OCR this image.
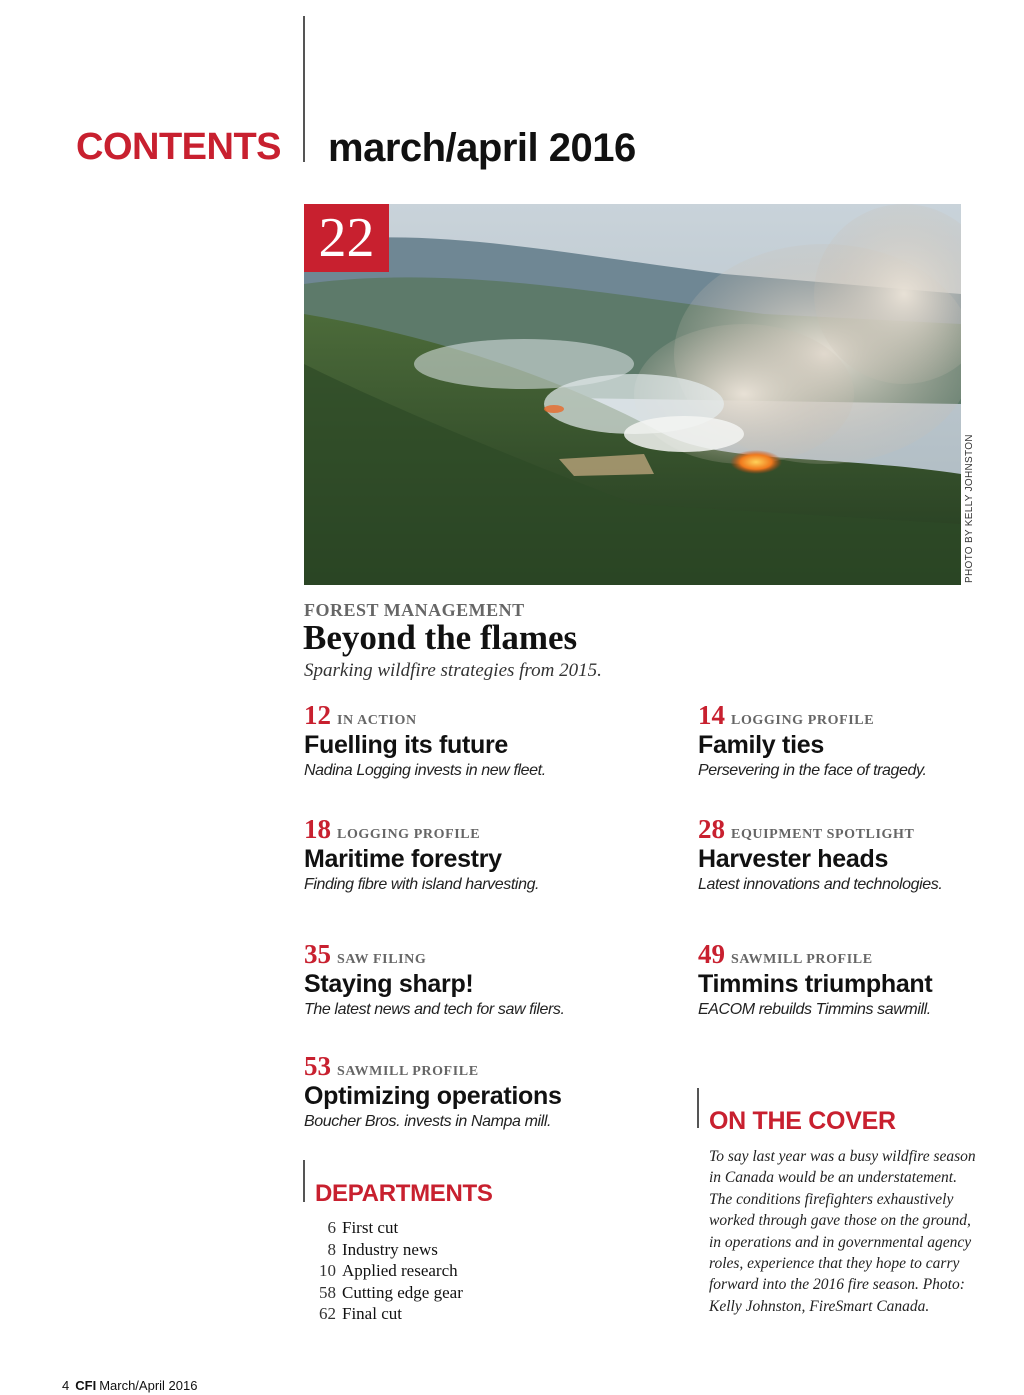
CONTENTS march/april 2016
22
PHOTO BY KELLY JOHNSTON
FOREST MANAGEMENT
Beyond the flames
Sparking wildfire strategies from 2015.
12 IN ACTION
Fuelling its future
Nadina Logging invests in new fleet.
14 LOGGING PROFILE
Family ties
Persevering in the face of tragedy.
18 LOGGING PROFILE
Maritime forestry
Finding fibre with island harvesting.
28 EQUIPMENT SPOTLIGHT
Harvester heads
Latest innovations and technologies.
35 SAW FILING
Staying sharp!
The latest news and tech for saw filers.
49 SAWMILL PROFILE
Timmins triumphant
EACOM rebuilds Timmins sawmill.
53 SAWMILL PROFILE
Optimizing operations
Boucher Bros. invests in Nampa mill.
DEPARTMENTS
6 First cut
8 Industry news
10 Applied research
58 Cutting edge gear
62 Final cut
ON THE COVER
To say last year was a busy wildfire season in Canada would be an understatement. The conditions firefighters exhaustively worked through gave those on the ground, in operations and in governmental agency roles, experience that they hope to carry forward into the 2016 fire season. Photo: Kelly Johnston, FireSmart Canada.
4 CFI March/April 2016
